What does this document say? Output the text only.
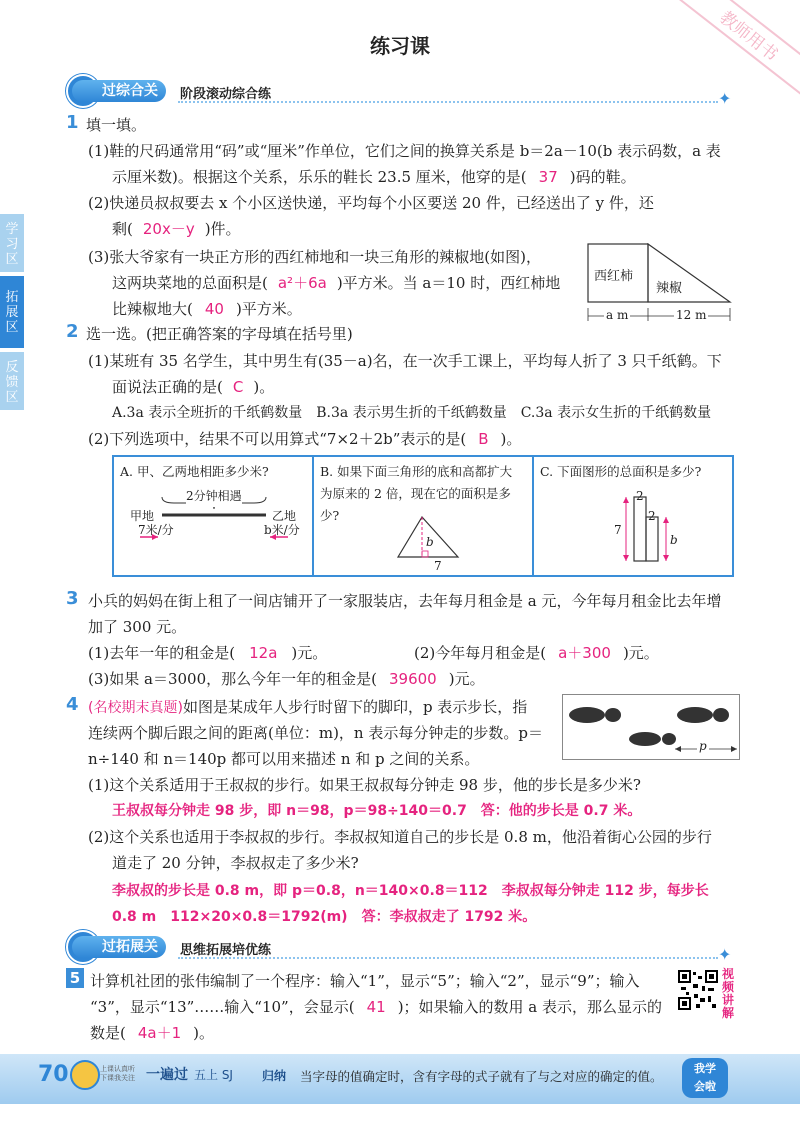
教师用书
练习课
学习区
拓展区
反馈区
过综合关	阶段滚动综合练	✦
1 填一填。
(1)鞋的尺码通常用“码”或“厘米”作单位，它们之间的换算关系是 b＝2a－10(b 表示码数，a 表
示厘米数)。根据这个关系，乐乐的鞋长 23.5 厘米，他穿的是( 37 )码的鞋。
(2)快递员叔叔要去 x 个小区送快递，平均每个小区要送 20 件，已经送出了 y 件，还
剩( 20x－y )件。
(3)张大爷家有一块正方形的西红柿地和一块三角形的辣椒地(如图)，
这两块菜地的总面积是( a²＋6a )平方米。当 a＝10 时，西红柿地
比辣椒地大( 40 )平方米。
西红柿
辣椒
a m	12 m
2 选一选。(把正确答案的字母填在括号里)
(1)某班有 35 名学生，其中男生有(35－a)名，在一次手工课上，平均每人折了 3 只千纸鹤。下
面说法正确的是( C )。
A.3a 表示全班折的千纸鹤数量　B.3a 表示男生折的千纸鹤数量　C.3a 表示女生折的千纸鹤数量
(2)下列选项中，结果不可以用算式“7×2＋2b”表示的是( B )。
A. 甲、乙两地相距多少米?
2分钟相遇
甲地	乙地
7米/分	b米/分
B. 如果下面三角形的底和高都扩大
为原来的 2 倍，现在它的面积是多少?
b
7
C. 下面图形的总面积是多少?
2
2
7
b
3 小兵的妈妈在街上租了一间店铺开了一家服装店，去年每月租金是 a 元，今年每月租金比去年增
加了 300 元。
(1)去年一年的租金是( 12a )元。	(2)今年每月租金是( a＋300 )元。
(3)如果 a＝3000，那么今年一年的租金是( 39600 )元。
4 (名校期末真题)如图是某成年人步行时留下的脚印，p 表示步长，指
连续两个脚后跟之间的距离(单位：m)，n 表示每分钟走的步数。p＝
n÷140 和 n＝140p 都可以用来描述 n 和 p 之间的关系。
p
(1)这个关系适用于王叔叔的步行。如果王叔叔每分钟走 98 步，他的步长是多少米?
王叔叔每分钟走 98 步，即 n＝98，p＝98÷140＝0.7　答：他的步长是 0.7 米。
(2)这个关系也适用于李叔叔的步行。李叔叔知道自己的步长是 0.8 m，他沿着街心公园的步行
道走了 20 分钟，李叔叔走了多少米?
李叔叔的步长是 0.8 m，即 p＝0.8，n＝140×0.8＝112　李叔叔每分钟走 112 步，每步长
0.8 m　112×20×0.8＝1792(m)　答：李叔叔走了 1792 米。
过拓展关	思维拓展培优练	✦
5 计算机社团的张伟编制了一个程序：输入“1”，显示“5”；输入“2”，显示“9”；输入
“3”，显示“13”……输入“10”，会显示( 41 )；如果输入的数用 a 表示，那么显示的
数是( 4a＋1 )。
视频讲解
70	上课认真听
下课我关注 一遍过 五上 SJ 归纳 当字母的值确定时，含有字母的式子就有了与之对应的确定的值。
我学
会啦
